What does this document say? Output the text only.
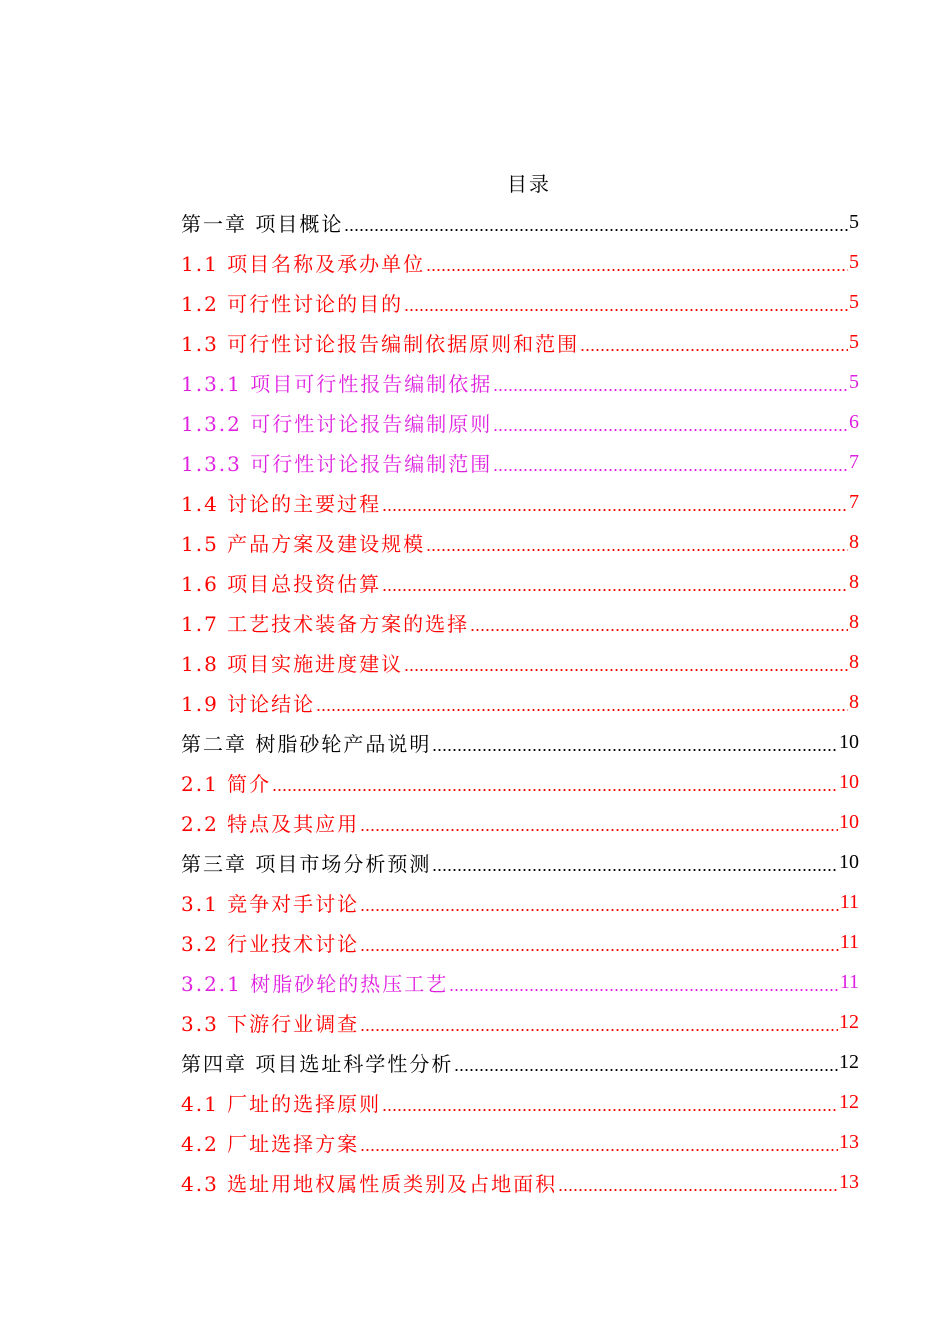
目录
第一章 项目概论	5
1.1 项目名称及承办单位	5
1.2 可行性讨论的目的	5
1.3 可行性讨论报告编制依据原则和范围	5
1.3.1 项目可行性报告编制依据	5
1.3.2 可行性讨论报告编制原则	6
1.3.3 可行性讨论报告编制范围	7
1.4 讨论的主要过程	7
1.5 产品方案及建设规模	8
1.6 项目总投资估算	8
1.7 工艺技术装备方案的选择	8
1.8 项目实施进度建议	8
1.9 讨论结论	8
第二章 树脂砂轮产品说明	10
2.1 简介	10
2.2 特点及其应用	10
第三章 项目市场分析预测	10
3.1 竞争对手讨论	11
3.2 行业技术讨论	11
3.2.1 树脂砂轮的热压工艺	11
3.3 下游行业调查	12
第四章 项目选址科学性分析	12
4.1 厂址的选择原则	12
4.2 厂址选择方案	13
4.3 选址用地权属性质类别及占地面积	13
